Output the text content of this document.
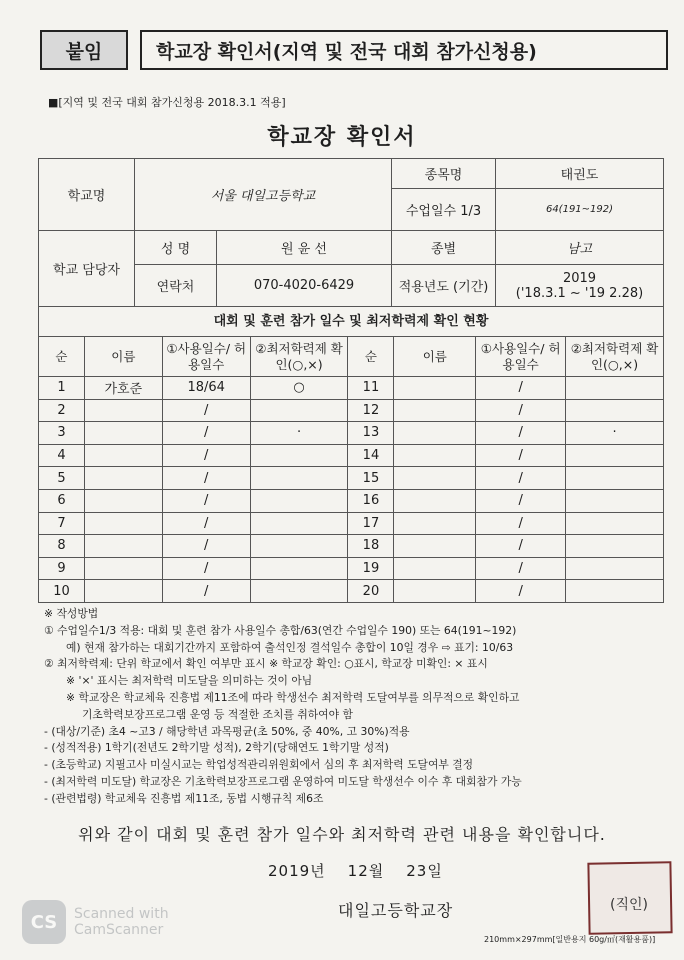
붙임	학교장 확인서(지역 및 전국 대회 참가신청용)
■[지역 및 전국 대회 참가신청용 2018.3.1 적용]
학교장 확인서
학교명	서울 대일고등학교		종목명	태권도
			수업일수 1/3	64(191~192)
학교 담당자	성 명	원 윤 선	종별	남고
	연락처	070-4020-6429	적용년도 (기간)	2019
('18.3.1 ~ '19 2.28)
대회 및 훈련 참가 일수 및 최저학력제 확인 현황
순	이름	①사용일수/ 허용일수	②최저학력제 확인(○,×)	순	이름	①사용일수/ 허용일수	②최저학력제 확인(○,×)
1	가호준	18/64	○	11		/	
2		/		12		/	
3		/	·	13		/	·
4		/		14		/	
5		/		15		/	
6		/		16		/	
7		/		17		/	
8		/		18		/	
9		/		19		/	
10		/		20		/	
※ 작성방법
① 수업일수1/3 적용: 대회 및 훈련 참가 사용일수 총합/63(연간 수업일수 190) 또는 64(191~192)
예) 현재 참가하는 대회기간까지 포함하여 출석인정 결석일수 총합이 10일 경우 ⇨ 표기: 10/63
② 최저학력제: 단위 학교에서 확인 여부만 표시 ※ 학교장 확인: ○표시, 학교장 미확인: × 표시
※ '×' 표시는 최저학력 미도달을 의미하는 것이 아님
※ 학교장은 학교체육 진흥법 제11조에 따라 학생선수 최저학력 도달여부를 의무적으로 확인하고
기초학력보장프로그램 운영 등 적절한 조치를 취하여야 함
- (대상/기준) 초4 ~고3 / 해당학년 과목평균(초 50%, 중 40%, 고 30%)적용
- (성적적용) 1학기(전년도 2학기말 성적), 2학기(당해연도 1학기말 성적)
- (초등학교) 지필고사 미실시교는 학업성적관리위원회에서 심의 후 최저학력 도달여부 결정
- (최저학력 미도달) 학교장은 기초학력보장프로그램 운영하여 미도달 학생선수 이수 후 대회참가 가능
- (관련법령) 학교체육 진흥법 제11조, 동법 시행규칙 제6조
위와 같이 대회 및 훈련 참가 일수와 최저학력 관련 내용을 확인합니다.
2019년 12월 23일
대일고등학교장	(직인)
210mm×297mm[일반용지 60g/㎡(재활용품)]
CS	Scanned with
CamScanner
